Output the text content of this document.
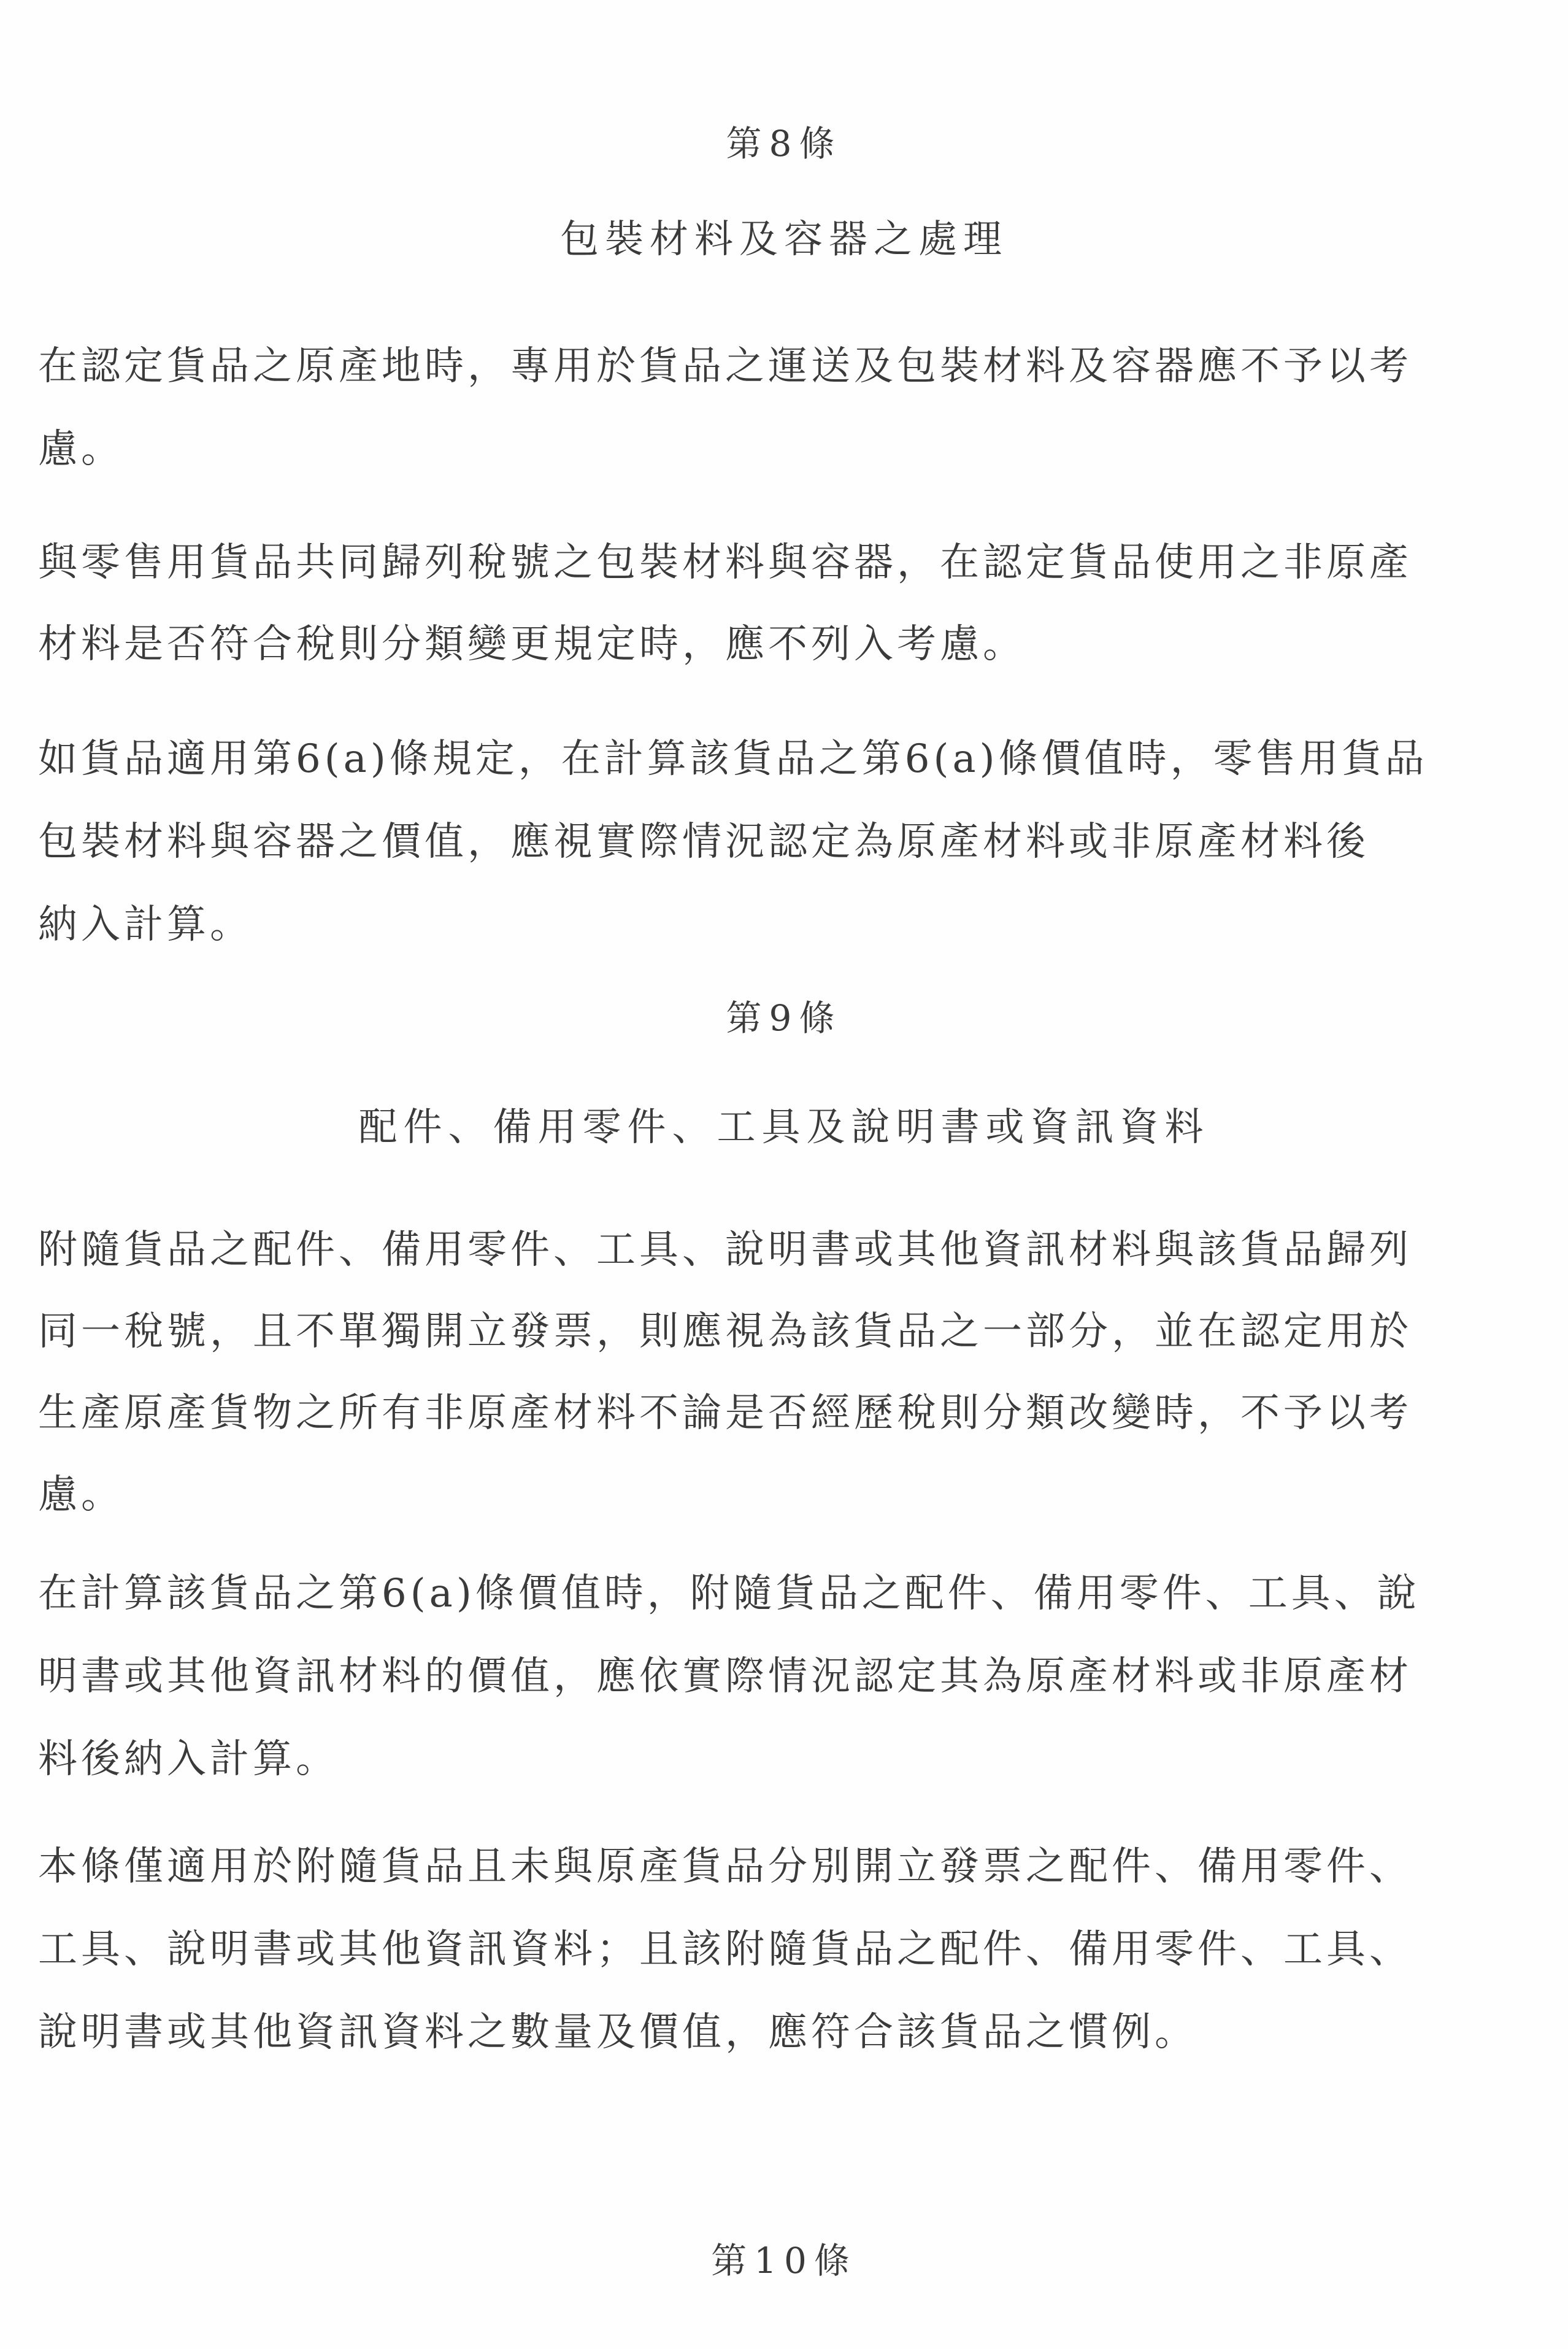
第8條
包裝材料及容器之處理
在認定貨品之原產地時，專用於貨品之運送及包裝材料及容器應不予以考
慮。
與零售用貨品共同歸列稅號之包裝材料與容器，在認定貨品使用之非原產
材料是否符合稅則分類變更規定時，應不列入考慮。
如貨品適用第6(a)條規定，在計算該貨品之第6(a)條價值時，零售用貨品
包裝材料與容器之價值，應視實際情況認定為原產材料或非原產材料後
納入計算。
第9條
配件、備用零件、工具及說明書或資訊資料
附隨貨品之配件、備用零件、工具、說明書或其他資訊材料與該貨品歸列
同一稅號，且不單獨開立發票，則應視為該貨品之一部分，並在認定用於
生產原產貨物之所有非原產材料不論是否經歷稅則分類改變時，不予以考
慮。
在計算該貨品之第6(a)條價值時，附隨貨品之配件、備用零件、工具、說
明書或其他資訊材料的價值，應依實際情況認定其為原產材料或非原產材
料後納入計算。
本條僅適用於附隨貨品且未與原產貨品分別開立發票之配件、備用零件、
工具、說明書或其他資訊資料；且該附隨貨品之配件、備用零件、工具、
說明書或其他資訊資料之數量及價值，應符合該貨品之慣例。
第10條
